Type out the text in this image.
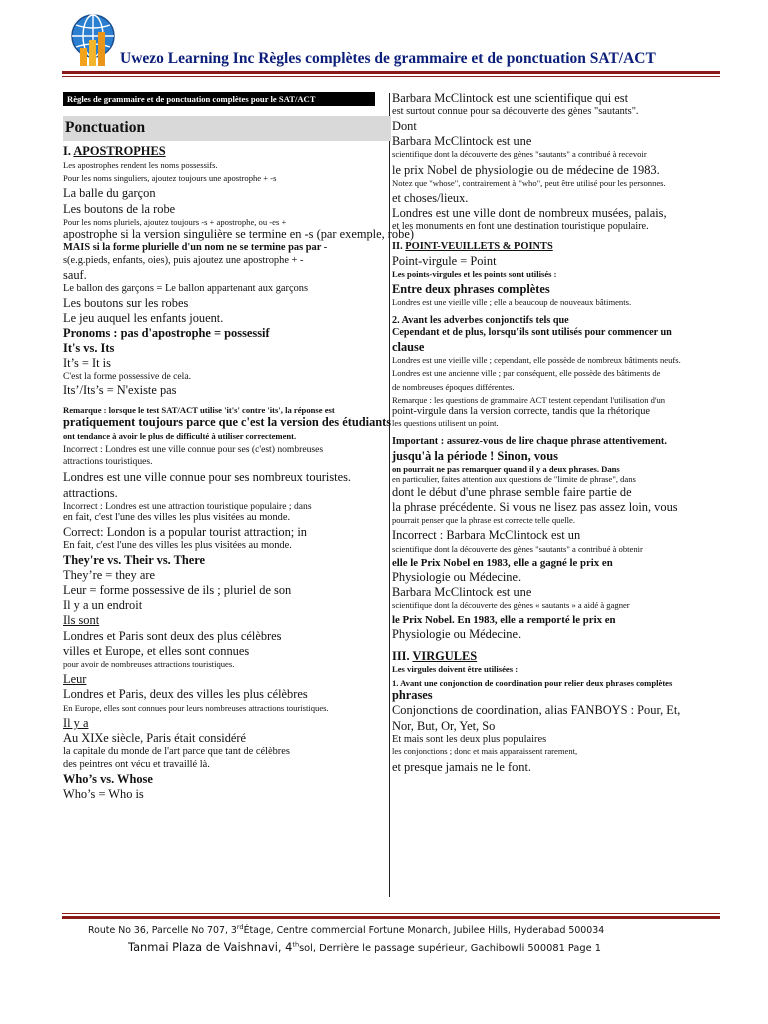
Uwezo Learning Inc Règles complètes de grammaire et de ponctuation SAT/ACT
Règles de grammaire et de ponctuation complètes pour le SAT/ACT
Ponctuation
I. APOSTROPHES
Les apostrophes rendent les noms possessifs.
Pour les noms singuliers, ajoutez toujours une apostrophe + -s
La balle du garçon
Les boutons de la robe
Pour les noms pluriels, ajoutez toujours -s + apostrophe, ou -es +
apostrophe si la version singulière se termine en -s (par exemple, robe)
MAIS si la forme plurielle d'un nom ne se termine pas par -
s(e.g.pieds, enfants, oies), puis ajoutez une apostrophe + -
sauf.
Le ballon des garçons = Le ballon appartenant aux garçons
Les boutons sur les robes
Le jeu auquel les enfants jouent.
Pronoms : pas d'apostrophe = possessif
It's vs. Its
It’s = It is
C'est la forme possessive de cela.
Its’/Its’s = N'existe pas
Remarque : lorsque le test SAT/ACT utilise 'it's' contre 'its', la réponse est
pratiquement toujours parce que c'est la version des étudiants
ont tendance à avoir le plus de difficulté à utiliser correctement.
Incorrect : Londres est une ville connue pour ses (c'est) nombreuses
attractions touristiques.
Londres est une ville connue pour ses nombreux touristes.
attractions.
Incorrect : Londres est une attraction touristique populaire ; dans
en fait, c'est l'une des villes les plus visitées au monde.
Correct: London is a popular tourist attraction; in
En fait, c'est l'une des villes les plus visitées au monde.
They're vs. Their vs. There
They’re = they are
Leur = forme possessive de ils ; pluriel de son
Il y a un endroit
Ils sont
Londres et Paris sont deux des plus célèbres
villes et Europe, et elles sont connues
pour avoir de nombreuses attractions touristiques.
Leur
Londres et Paris, deux des villes les plus célèbres
En Europe, elles sont connues pour leurs nombreuses attractions touristiques.
Il y a
Au XIXe siècle, Paris était considéré
la capitale du monde de l'art parce que tant de célèbres
des peintres ont vécu et travaillé là.
Who’s vs. Whose
Who’s = Who is
Barbara McClintock est une scientifique qui est
est surtout connue pour sa découverte des gènes "sautants".
Dont
Barbara McClintock est une
scientifique dont la découverte des gènes "sautants" a contribué à recevoir
le prix Nobel de physiologie ou de médecine de 1983.
Notez que "whose", contrairement à "who", peut être utilisé pour les personnes.
et choses/lieux.
Londres est une ville dont de nombreux musées, palais,
et les monuments en font une destination touristique populaire.
II. POINT-VEUILLETS & POINTS
Point-virgule = Point
Les points-virgules et les points sont utilisés :
Entre deux phrases complètes
Londres est une vieille ville ; elle a beaucoup de nouveaux bâtiments.
2. Avant les adverbes conjonctifs tels que
Cependant et de plus, lorsqu'ils sont utilisés pour commencer un
clause
Londres est une vieille ville ; cependant, elle possède de nombreux bâtiments neufs.
Londres est une ancienne ville ; par conséquent, elle possède des bâtiments de
de nombreuses époques différentes.
Remarque : les questions de grammaire ACT testent cependant l'utilisation d'un
point-virgule dans la version correcte, tandis que la rhétorique
les questions utilisent un point.
Important : assurez-vous de lire chaque phrase attentivement.
jusqu'à la période ! Sinon, vous
on pourrait ne pas remarquer quand il y a deux phrases. Dans
en particulier, faites attention aux questions de "limite de phrase", dans
dont le début d'une phrase semble faire partie de
la phrase précédente. Si vous ne lisez pas assez loin, vous
pourrait penser que la phrase est correcte telle quelle.
Incorrect : Barbara McClintock est un
scientifique dont la découverte des gènes "sautants" a contribué à obtenir
elle le Prix Nobel en 1983, elle a gagné le prix en
Physiologie ou Médecine.
Barbara McClintock est une
scientifique dont la découverte des gènes « sautants » a aidé à gagner
le Prix Nobel. En 1983, elle a remporté le prix en
Physiologie ou Médecine.
III. VIRGULES
Les virgules doivent être utilisées :
1. Avant une conjonction de coordination pour relier deux phrases complètes
phrases
Conjonctions de coordination, alias FANBOYS : Pour, Et,
Nor, But, Or, Yet, So
Et mais sont les deux plus populaires
les conjonctions ; donc et mais apparaissent rarement,
et presque jamais ne le font.
Route No 36, Parcelle No 707, 3rdÉtage, Centre commercial Fortune Monarch, Jubilee Hills, Hyderabad 500034
Tanmai Plaza de Vaishnavi, 4thsol, Derrière le passage supérieur, Gachibowli 500081 Page 1
